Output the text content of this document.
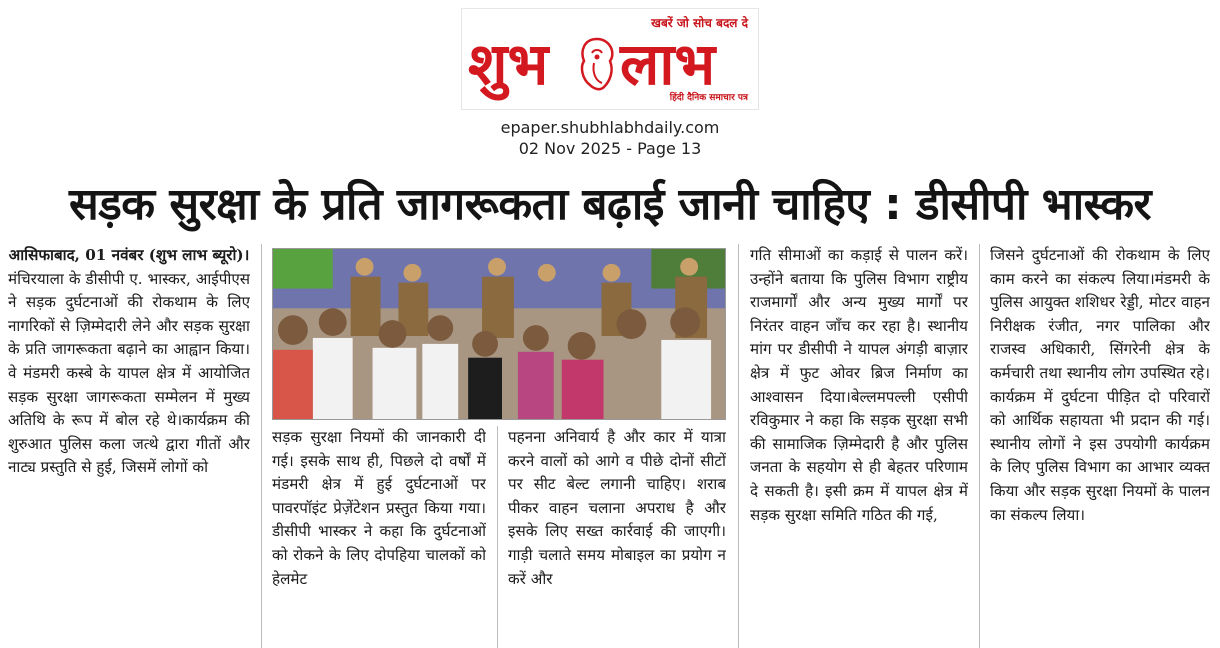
खबरें जो सोच बदल दे
शुभ लाभ
हिंदी दैनिक समाचार पत्र
epaper.shubhlabhdaily.com
02 Nov 2025 - Page 13
सड़क सुरक्षा के प्रति जागरूकता बढ़ाई जानी चाहिए : डीसीपी भास्कर

आसिफाबाद, 01 नवंबर (शुभ लाभ ब्यूरो)।
मंचिरयाला के डीसीपी ए. भास्कर, आईपीएस ने सड़क दुर्घटनाओं की रोकथाम के लिए नागरिकों से ज़िम्मेदारी लेने और सड़क सुरक्षा के प्रति जागरूकता बढ़ाने का आह्वान किया। वे मंडमरी कस्बे के यापल क्षेत्र में आयोजित सड़क सुरक्षा जागरूकता सम्मेलन में मुख्य अतिथि के रूप में बोल रहे थे।कार्यक्रम की शुरुआत पुलिस कला जत्थे द्वारा गीतों और नाट्य प्रस्तुति से हुई, जिसमें लोगों को

सड़क सुरक्षा नियमों की जानकारी दी गई। इसके साथ ही, पिछले दो वर्षों में मंडमरी क्षेत्र में हुई दुर्घटनाओं पर पावरपॉइंट प्रेज़ेंटेशन प्रस्तुत किया गया।डीसीपी भास्कर ने कहा कि दुर्घटनाओं को रोकने के लिए दोपहिया चालकों को हेलमेट

पहनना अनिवार्य है और कार में यात्रा करने वालों को आगे व पीछे दोनों सीटों पर सीट बेल्ट लगानी चाहिए। शराब पीकर वाहन चलाना अपराध है और इसके लिए सख्त कार्रवाई की जाएगी। गाड़ी चलाते समय मोबाइल का प्रयोग न करें और

गति सीमाओं का कड़ाई से पालन करें।उन्होंने बताया कि पुलिस विभाग राष्ट्रीय राजमार्गों और अन्य मुख्य मार्गों पर निरंतर वाहन जाँच कर रहा है। स्थानीय मांग पर डीसीपी ने यापल अंगड़ी बाज़ार क्षेत्र में फुट ओवर ब्रिज निर्माण का आश्वासन दिया।बेल्लमपल्ली एसीपी रविकुमार ने कहा कि सड़क सुरक्षा सभी की सामाजिक ज़िम्मेदारी है और पुलिस जनता के सहयोग से ही बेहतर परिणाम दे सकती है। इसी क्रम में यापल क्षेत्र में सड़क सुरक्षा समिति गठित की गई,

जिसने दुर्घटनाओं की रोकथाम के लिए काम करने का संकल्प लिया।मंडमरी के पुलिस आयुक्त शशिधर रेड्डी, मोटर वाहन निरीक्षक रंजीत, नगर पालिका और राजस्व अधिकारी, सिंगरेनी क्षेत्र के कर्मचारी तथा स्थानीय लोग उपस्थित रहे। कार्यक्रम में दुर्घटना पीड़ित दो परिवारों को आर्थिक सहायता भी प्रदान की गई।स्थानीय लोगों ने इस उपयोगी कार्यक्रम के लिए पुलिस विभाग का आभार व्यक्त किया और सड़क सुरक्षा नियमों के पालन का संकल्प लिया।
